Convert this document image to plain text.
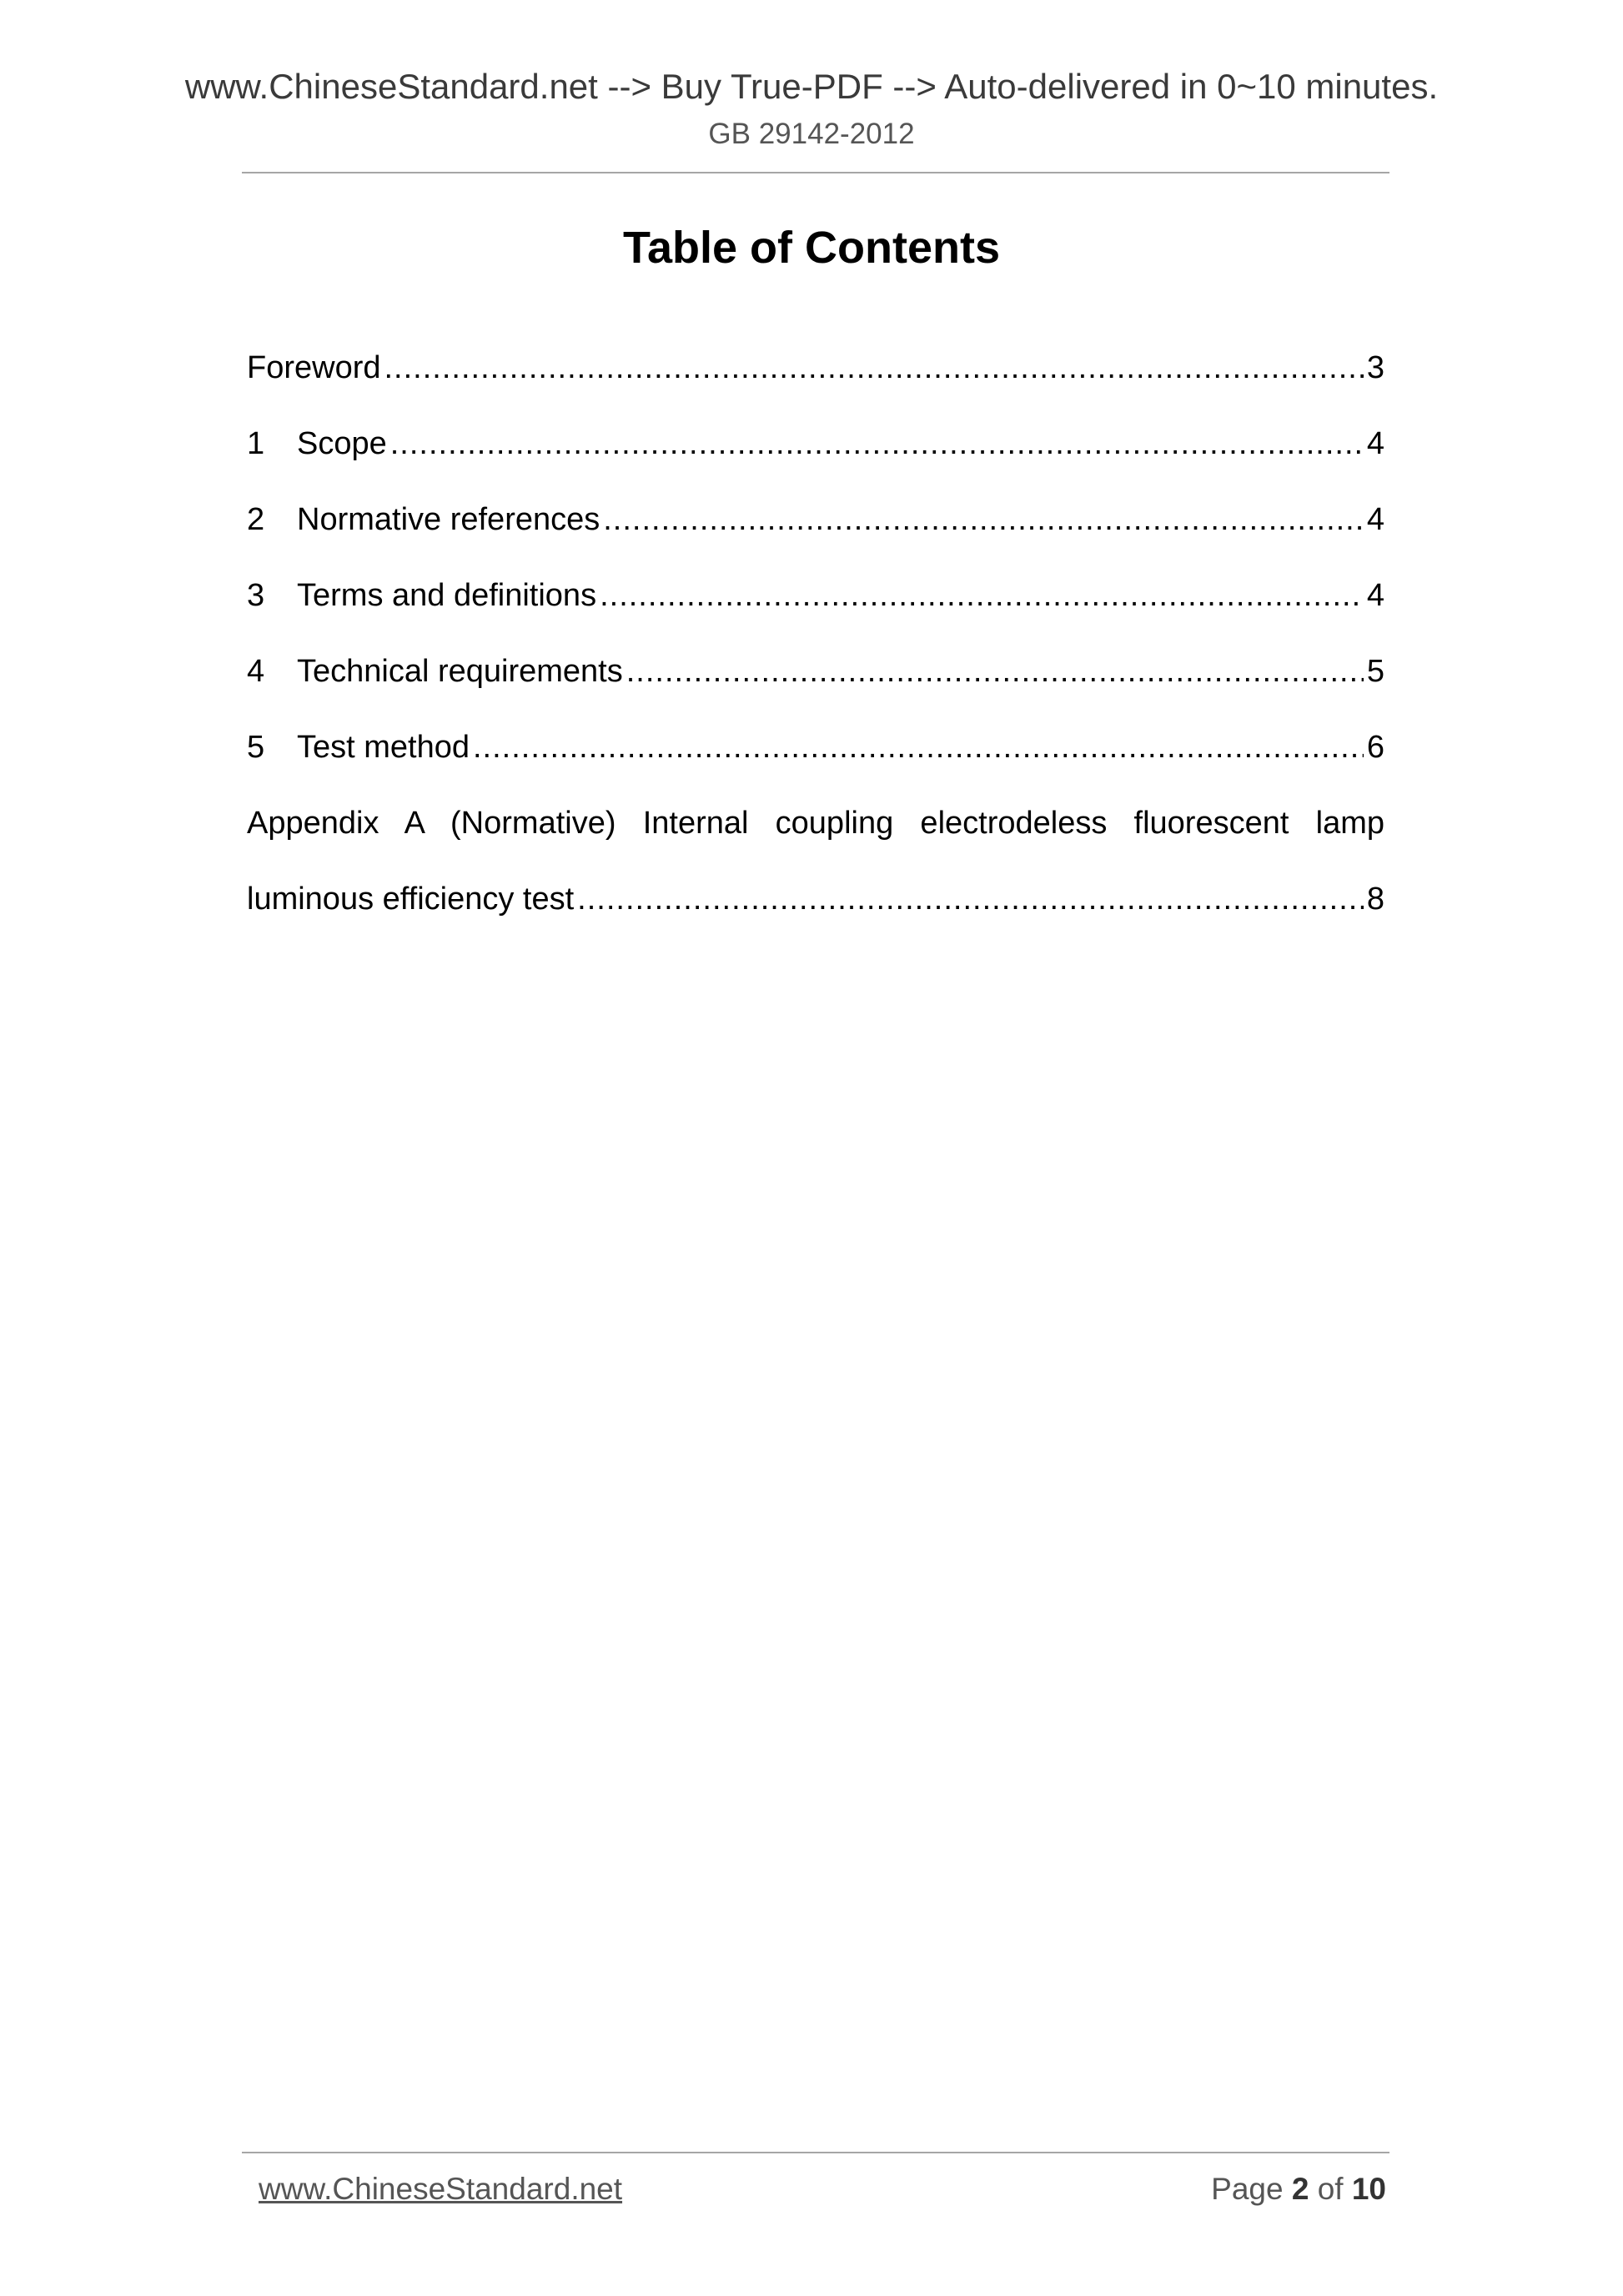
www.ChineseStandard.net --> Buy True-PDF --> Auto-delivered in 0~10 minutes.
GB 29142-2012
Table of Contents
Foreword .....	3
1	Scope .....	4
2	Normative references .....	4
3	Terms and definitions .....	4
4	Technical requirements .....	5
5	Test method .....	6
Appendix A (Normative) Internal coupling electrodeless fluorescent lamp
luminous efficiency test .....	8
www.ChineseStandard.net	Page 2 of 10
